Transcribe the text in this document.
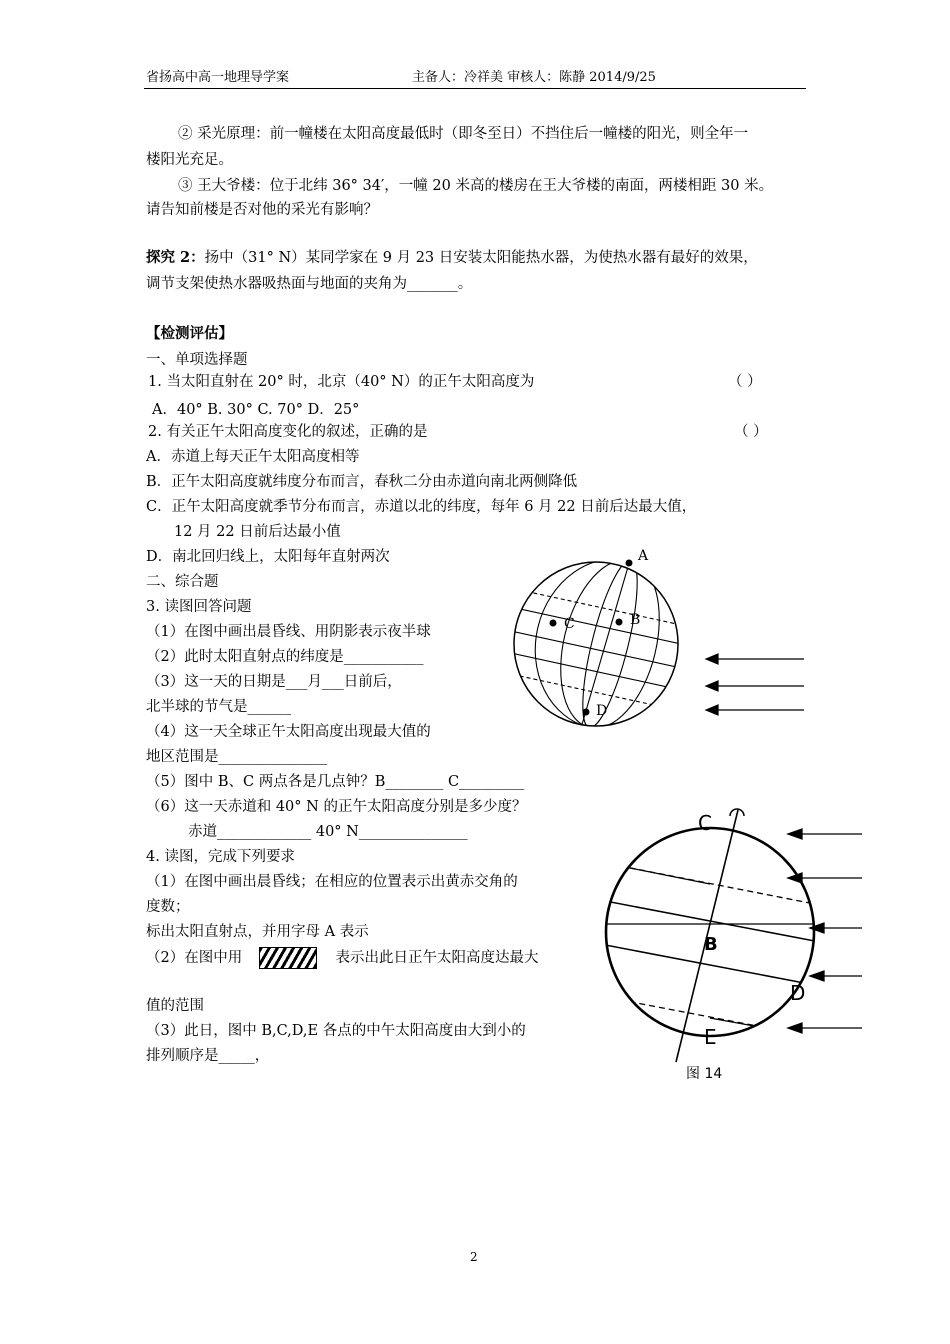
省扬高中高一地理导学案	主备人：冷祥美 审核人：陈静 2014/9/25
② 采光原理：前一幢楼在太阳高度最低时（即冬至日）不挡住后一幢楼的阳光，则全年一
楼阳光充足。
③ 王大爷楼：位于北纬 36° 34′，一幢 20 米高的楼房在王大爷楼的南面，两楼相距 30 米。
请告知前楼是否对他的采光有影响？
探究 2：扬中（31° N）某同学家在 9 月 23 日安装太阳能热水器，为使热水器有最好的效果，
调节支架使热水器吸热面与地面的夹角为_______。
【检测评估】
一、单项选择题
1. 当太阳直射在 20° 时，北京（40° N）的正午太阳高度为	（ ）
A．40° B. 30° C. 70° D．25°
2. 有关正午太阳高度变化的叙述，正确的是	（ ）
A．赤道上每天正午太阳高度相等
B．正午太阳高度就纬度分布而言，春秋二分由赤道向南北两侧降低
C．正午太阳高度就季节分布而言，赤道以北的纬度，每年 6 月 22 日前后达最大值，
12 月 22 日前后达最小值
D．南北回归线上，太阳每年直射两次
二、综合题
3. 读图回答问题
（1）在图中画出晨昏线、用阴影表示夜半球
（2）此时太阳直射点的纬度是___________
（3）这一天的日期是___月___日前后，
北半球的节气是______
（4）这一天全球正午太阳高度出现最大值的
地区范围是_______________
（5）图中 B、C 两点各是几点钟？B________ C_________
（6）这一天赤道和 40° N 的正午太阳高度分别是多少度？
赤道_____________ 40° N_______________
4. 读图，完成下列要求
（1）在图中画出晨昏线；在相应的位置表示出黄赤交角的
度数；
标出太阳直射点，并用字母 A 表示
（2）在图中用	表示出此日正午太阳高度达最大
值的范围
（3）此日，图中 B,C,D,E 各点的中午太阳高度由大到小的
排列顺序是_____，
A
B
C
D
C
B
D
E
图 14
2
